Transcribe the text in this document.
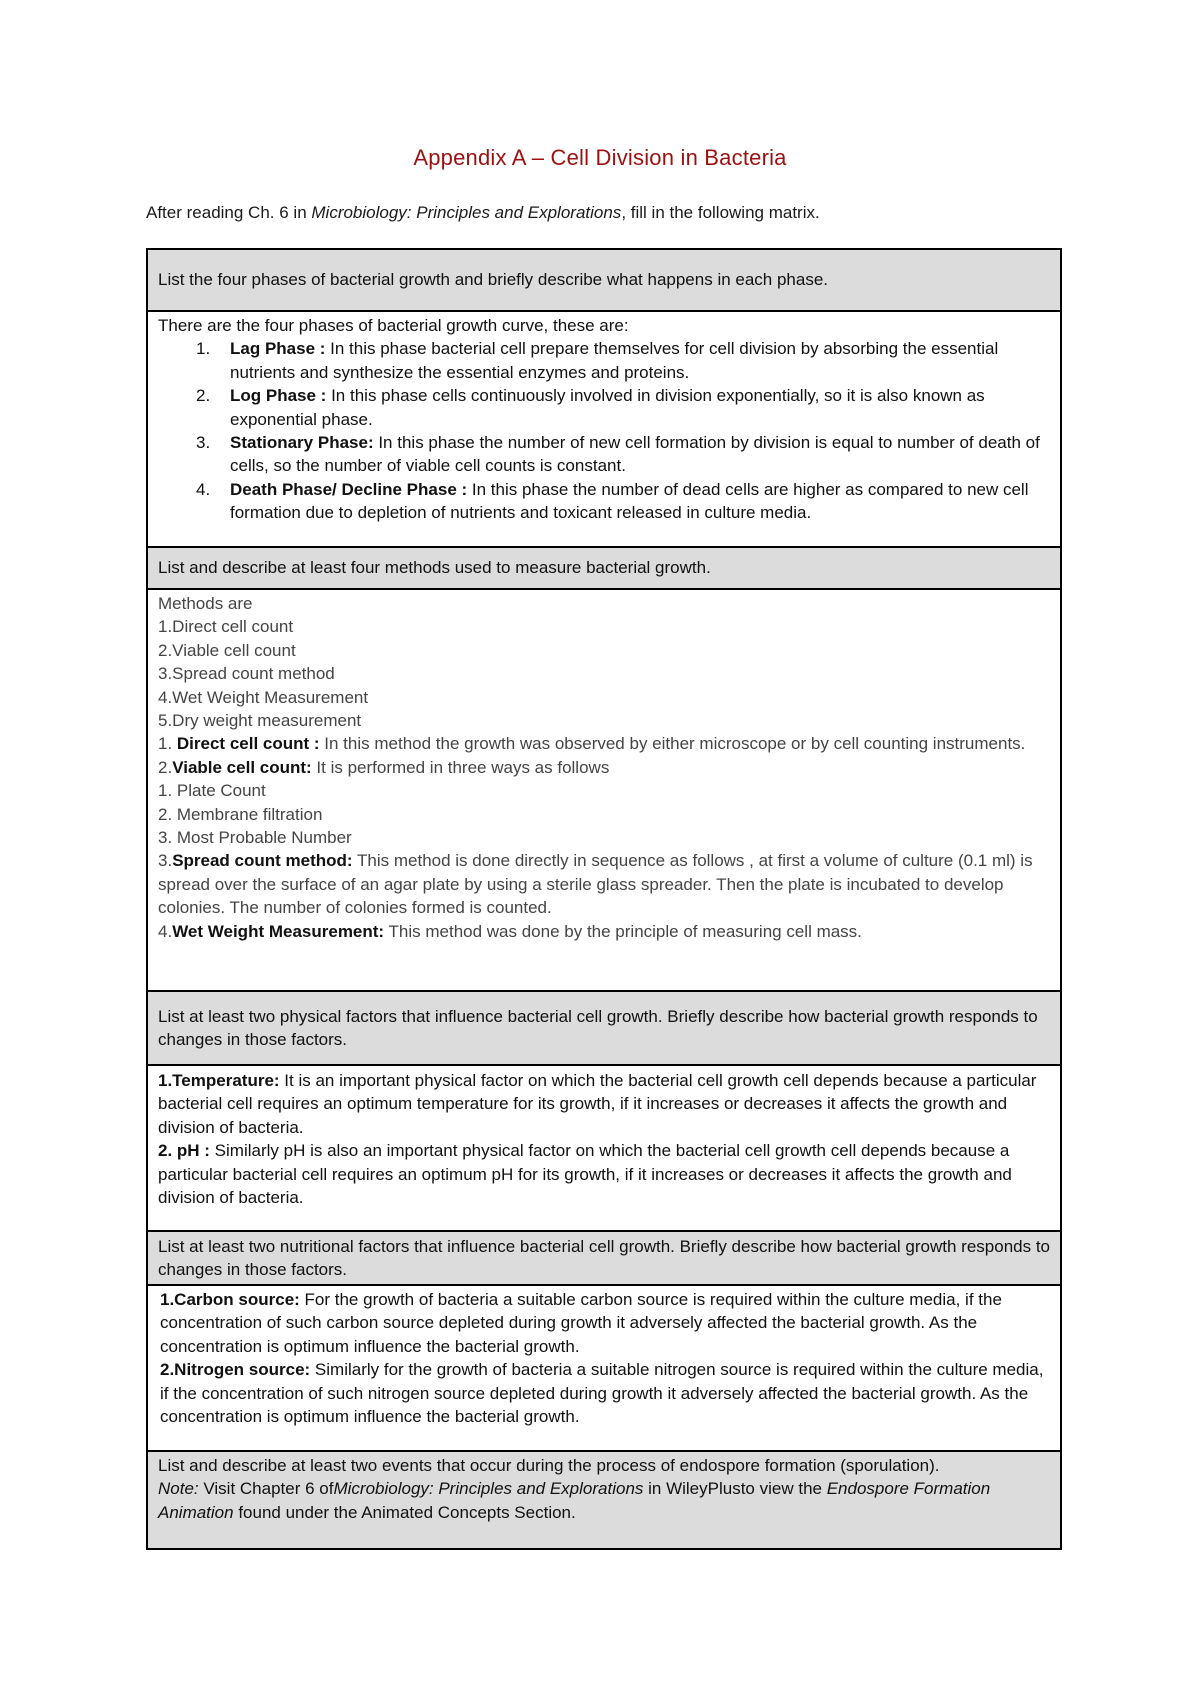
Appendix A – Cell Division in Bacteria
After reading Ch. 6 in Microbiology: Principles and Explorations, fill in the following matrix.
List the four phases of bacterial growth and briefly describe what happens in each phase.
There are the four phases of bacterial growth curve, these are:
1.	Lag Phase : In this phase bacterial cell prepare themselves for cell division by absorbing the essential nutrients and synthesize the essential enzymes and proteins.
2.	Log Phase : In this phase cells continuously involved in division exponentially, so it is also known as exponential phase.
3.	Stationary Phase: In this phase the number of new cell formation by division is equal to number of death of cells, so the number of viable cell counts is constant.
4.	Death Phase/ Decline Phase : In this phase the number of dead cells are higher as compared to new cell formation due to depletion of nutrients and toxicant released in culture media.
List and describe at least four methods used to measure bacterial growth.
Methods are
1.Direct cell count
2.Viable cell count
3.Spread count method
4.Wet Weight Measurement
5.Dry weight measurement
1. Direct cell count : In this method the growth was observed by either microscope or by cell counting instruments.
2.Viable cell count: It is performed in three ways as follows
1. Plate Count
2. Membrane filtration
3. Most Probable Number
3.Spread count method: This method is done directly in sequence as follows , at first a volume of culture (0.1 ml) is spread over the surface of an agar plate by using a sterile glass spreader. Then the plate is incubated to develop colonies. The number of colonies formed is counted.
4.Wet Weight Measurement: This method was done by the principle of measuring cell mass.
List at least two physical factors that influence bacterial cell growth. Briefly describe how bacterial growth responds to changes in those factors.
1.Temperature: It is an important physical factor on which the bacterial cell growth cell depends because a particular bacterial cell requires an optimum temperature for its growth, if it increases or decreases it affects the growth and division of bacteria.
2. pH : Similarly pH is also an important physical factor on which the bacterial cell growth cell depends because a particular bacterial cell requires an optimum pH for its growth, if it increases or decreases it affects the growth and division of bacteria.
List at least two nutritional factors that influence bacterial cell growth. Briefly describe how bacterial growth responds to changes in those factors.
1.Carbon source: For the growth of bacteria a suitable carbon source is required within the culture media, if the concentration of such carbon source depleted during growth it adversely affected the bacterial growth. As the concentration is optimum influence the bacterial growth.
2.Nitrogen source: Similarly for the growth of bacteria a suitable nitrogen source is required within the culture media, if the concentration of such nitrogen source depleted during growth it adversely affected the bacterial growth. As the concentration is optimum influence the bacterial growth.
List and describe at least two events that occur during the process of endospore formation (sporulation).
Note: Visit Chapter 6 ofMicrobiology: Principles and Explorations in WileyPlusto view the Endospore Formation Animation found under the Animated Concepts Section.
